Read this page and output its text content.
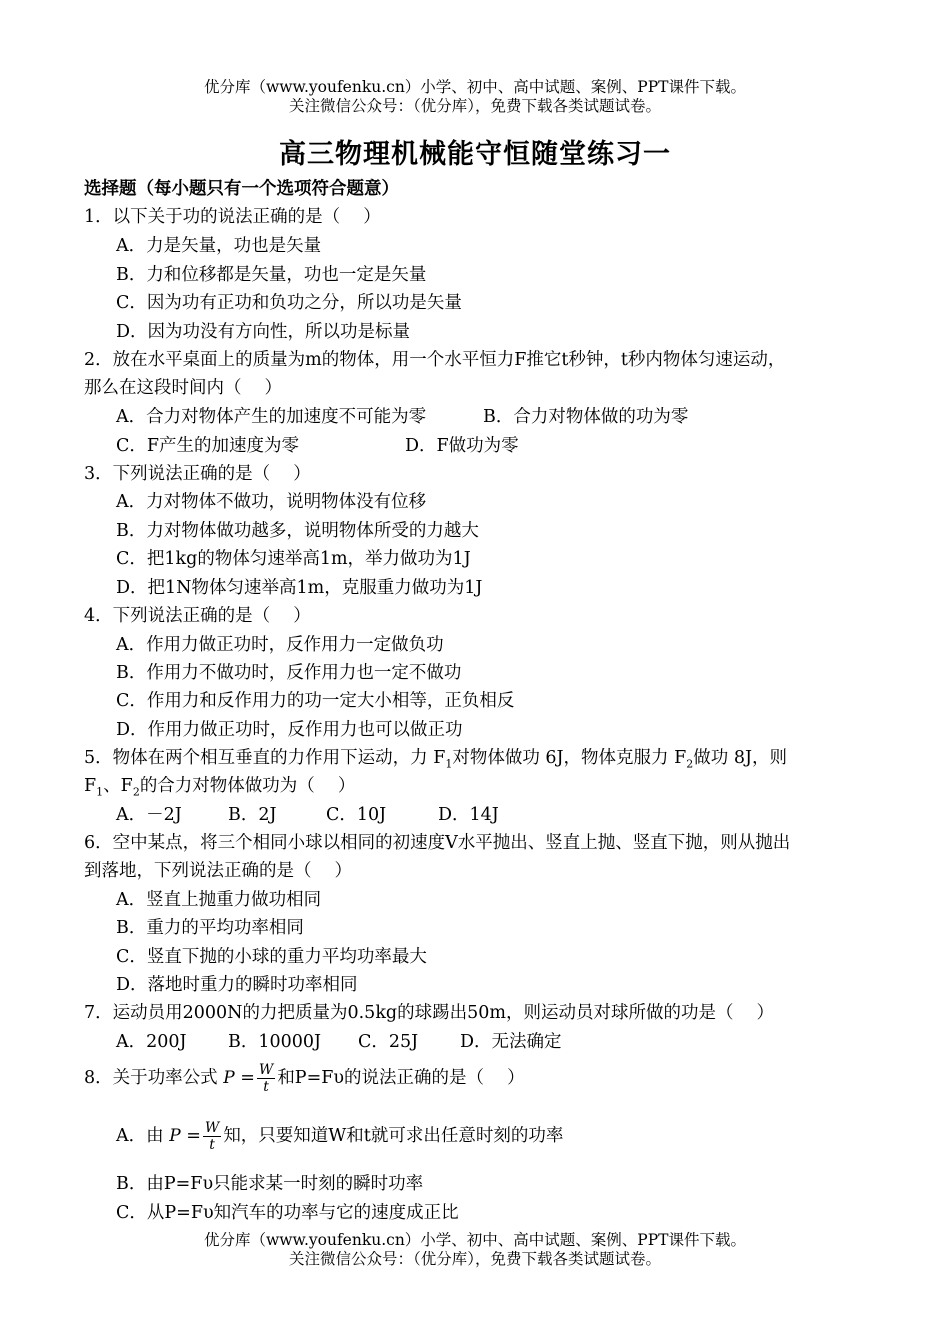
优分库（www.youfenku.cn）小学、初中、高中试题、案例、PPT课件下载。
关注微信公众号：（优分库），免费下载各类试题试卷。
高三物理机械能守恒随堂练习一
选择题（每小题只有一个选项符合题意）
1．以下关于功的说法正确的是（　 ）
A．力是矢量，功也是矢量
B．力和位移都是矢量，功也一定是矢量
C．因为功有正功和负功之分，所以功是矢量
D．因为功没有方向性，所以功是标量
2．放在水平桌面上的质量为m的物体，用一个水平恒力F推它t秒钟，t秒内物体匀速运动，
那么在这段时间内（　 ）
A．合力对物体产生的加速度不可能为零	B．合力对物体做的功为零
C．F产生的加速度为零	D．F做功为零
3．下列说法正确的是（　 ）
A．力对物体不做功，说明物体没有位移
B．力对物体做功越多，说明物体所受的力越大
C．把1kg的物体匀速举高1m，举力做功为1J
D．把1N物体匀速举高1m，克服重力做功为1J
4．下列说法正确的是（　 ）
A．作用力做正功时，反作用力一定做负功
B．作用力不做功时，反作用力也一定不做功
C．作用力和反作用力的功一定大小相等，正负相反
D．作用力做正功时，反作用力也可以做正功
5．物体在两个相互垂直的力作用下运动，力 $F_1$对物体做功 6J，物体克服力 $F_2$做功 8J，则
$F_1$、$F_2$的合力对物体做功为（　 ）
A．－2J	B．2J	C．10J	D．14J
6．空中某点，将三个相同小球以相同的初速度V水平抛出、竖直上抛、竖直下抛，则从抛出
到落地，下列说法正确的是（　 ）
A．竖直上抛重力做功相同
B．重力的平均功率相同
C．竖直下抛的小球的重力平均功率最大
D．落地时重力的瞬时功率相同
7．运动员用2000N的力把质量为0.5kg的球踢出50m，则运动员对球所做的功是（　 ）
A．200J B．10000J C．25J D．无法确定
8．关于功率公式 $P = \frac{W}{t}$ 和P=Fυ的说法正确的是（　 ）
A．由 $P = \frac{W}{t}$ 知，只要知道W和t就可求出任意时刻的功率
B．由P=Fυ只能求某一时刻的瞬时功率
C．从P=Fυ知汽车的功率与它的速度成正比
优分库（www.youfenku.cn）小学、初中、高中试题、案例、PPT课件下载。
关注微信公众号：（优分库），免费下载各类试题试卷。
